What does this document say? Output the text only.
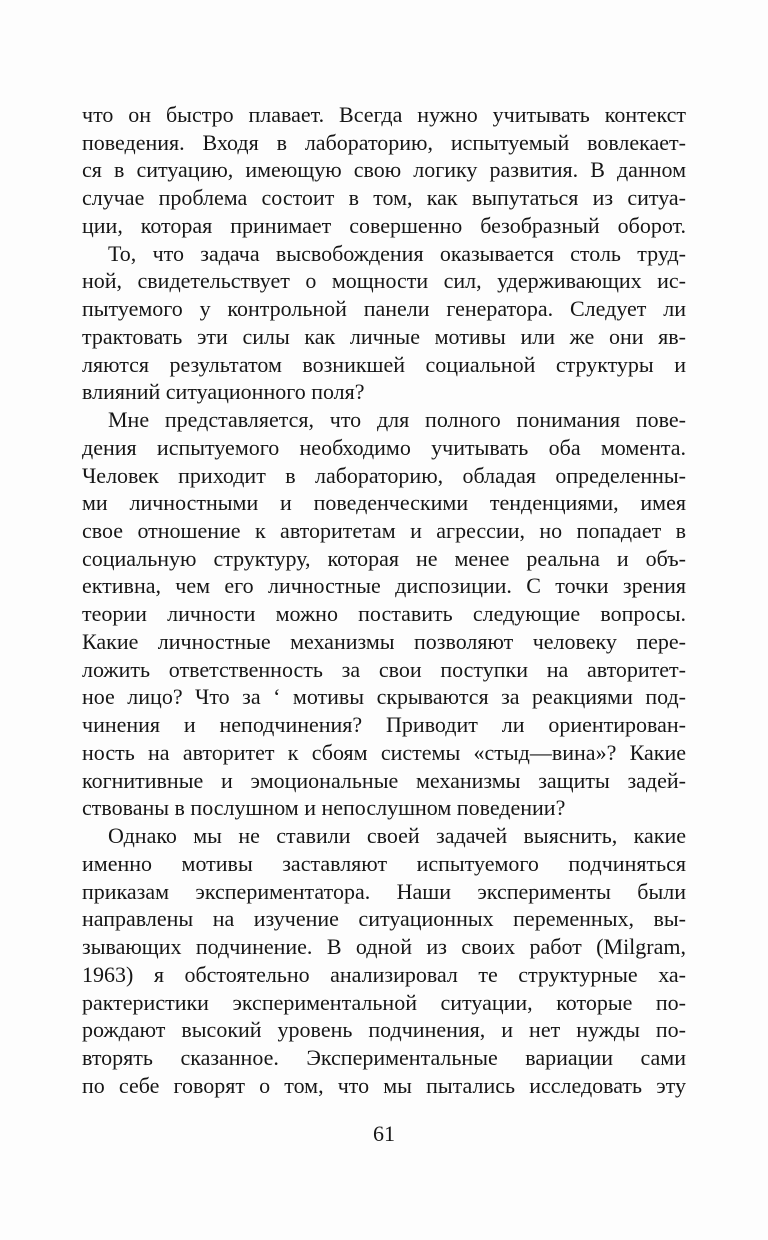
что он быстро плавает. Всегда нужно учитывать контекст
поведения. Входя в лабораторию, испытуемый вовлекает-
ся в ситуацию, имеющую свою логику развития. В данном
случае проблема состоит в том, как выпутаться из ситуа-
ции, которая принимает совершенно безобразный оборот.
То, что задача высвобождения оказывается столь труд-
ной, свидетельствует о мощности сил, удерживающих ис-
пытуемого у контрольной панели генератора. Следует ли
трактовать эти силы как личные мотивы или же они яв-
ляются результатом возникшей социальной структуры и
влияний ситуационного поля?
Мне представляется, что для полного понимания пове-
дения испытуемого необходимо учитывать оба момента.
Человек приходит в лабораторию, обладая определенны-
ми личностными и поведенческими тенденциями, имея
свое отношение к авторитетам и агрессии, но попадает в
социальную структуру, которая не менее реальна и объ-
ективна, чем его личностные диспозиции. С точки зрения
теории личности можно поставить следующие вопросы.
Какие личностные механизмы позволяют человеку пере-
ложить ответственность за свои поступки на авторитет-
ное лицо? Что за ‘ мотивы скрываются за реакциями под-
чинения и неподчинения? Приводит ли ориентирован-
ность на авторитет к сбоям системы «стыд—вина»? Какие
когнитивные и эмоциональные механизмы защиты задей-
ствованы в послушном и непослушном поведении?
Однако мы не ставили своей задачей выяснить, какие
именно мотивы заставляют испытуемого подчиняться
приказам экспериментатора. Наши эксперименты были
направлены на изучение ситуационных переменных, вы-
зывающих подчинение. В одной из своих работ (Milgram,
1963) я обстоятельно анализировал те структурные ха-
рактеристики экспериментальной ситуации, которые по-
рождают высокий уровень подчинения, и нет нужды по-
вторять сказанное. Экспериментальные вариации сами
по себе говорят о том, что мы пытались исследовать эту
61
